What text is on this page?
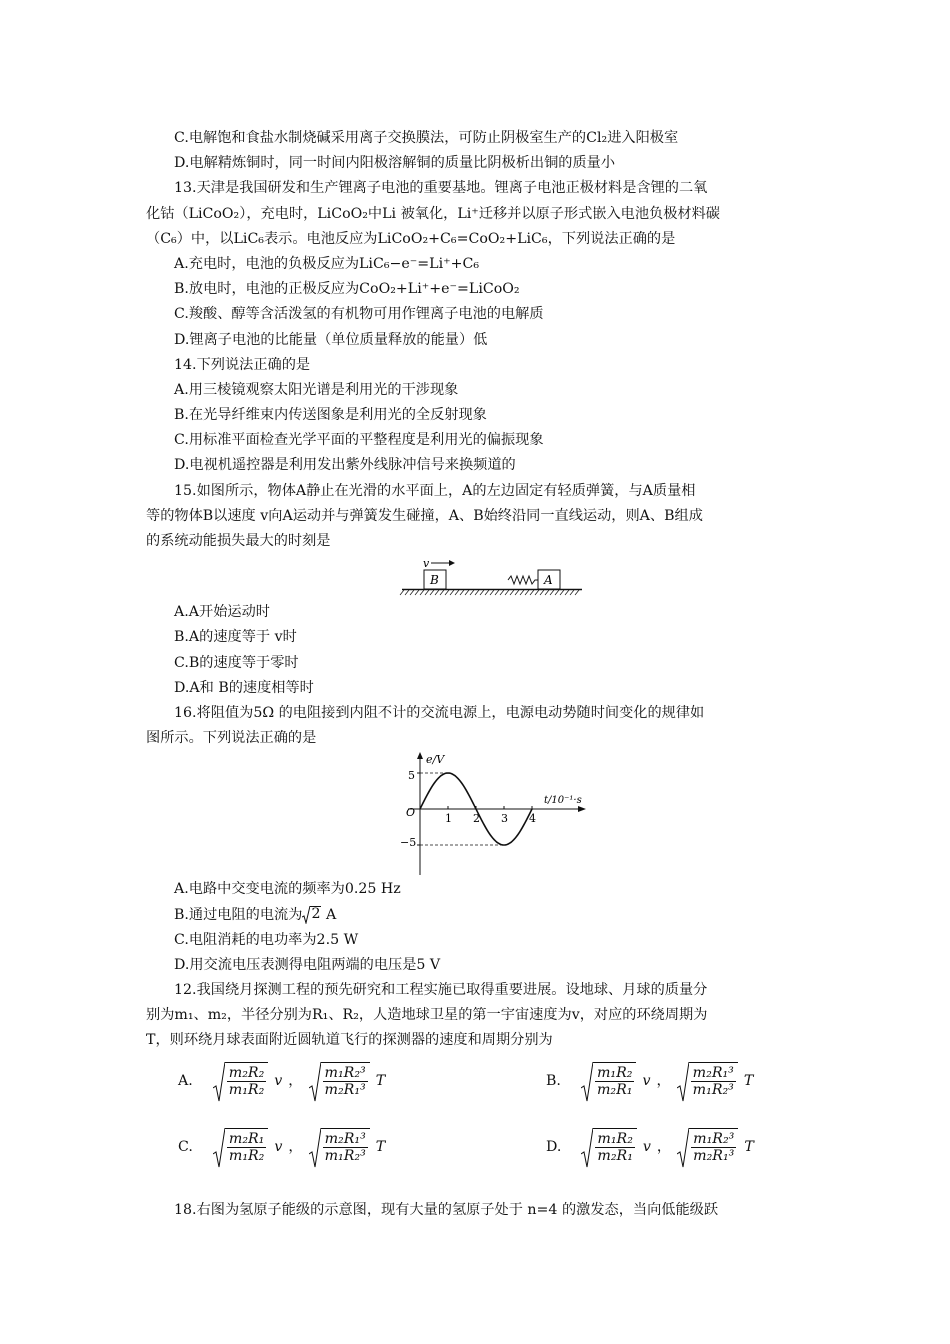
C.电解饱和食盐水制烧碱采用离子交换膜法，可防止阴极室生产的Cl₂进入阳极室
D.电解精炼铜时，同一时间内阳极溶解铜的质量比阴极析出铜的质量小
13.天津是我国研发和生产锂离子电池的重要基地。锂离子电池正极材料是含锂的二氧
化钴（LiCoO₂），充电时，LiCoO₂中Li 被氧化，Li⁺迁移并以原子形式嵌入电池负极材料碳
（C₆）中，以LiC₆表示。电池反应为LiCoO₂+C₆=CoO₂+LiC₆，下列说法正确的是
A.充电时，电池的负极反应为LiC₆−e⁻=Li⁺+C₆
B.放电时，电池的正极反应为CoO₂+Li⁺+e⁻=LiCoO₂
C.羧酸、醇等含活泼氢的有机物可用作锂离子电池的电解质
D.锂离子电池的比能量（单位质量释放的能量）低
14.下列说法正确的是
A.用三棱镜观察太阳光谱是利用光的干涉现象
B.在光导纤维束内传送图象是利用光的全反射现象
C.用标准平面检查光学平面的平整程度是利用光的偏振现象
D.电视机遥控器是利用发出紫外线脉冲信号来换频道的
15.如图所示，物体A静止在光滑的水平面上，A的左边固定有轻质弹簧，与A质量相
等的物体B以速度 v向A运动并与弹簧发生碰撞，A、B始终沿同一直线运动，则A、B组成
的系统动能损失最大的时刻是
v
B	A
A.A开始运动时
B.A的速度等于 v时
C.B的速度等于零时
D.A和 B的速度相等时
16.将阻值为5Ω 的电阻接到内阻不计的交流电源上，电源电动势随时间变化的规律如
图所示。下列说法正确的是
e/V
t/10⁻¹·s
O
5
−5
1 2 3 4
A.电路中交变电流的频率为0.25 Hz
B.通过电阻的电流为 2 A
C.电阻消耗的电功率为2.5 W
D.用交流电压表测得电阻两端的电压是5 V
12.我国绕月探测工程的预先研究和工程实施已取得重要进展。设地球、月球的质量分
别为m₁、m₂，半径分别为R₁、R₂，人造地球卫星的第一宇宙速度为v，对应的环绕周期为
T，则环绕月球表面附近圆轨道飞行的探测器的速度和周期分别为
A. $\frac{\text{m₂R₂}}{\text{m₁R₂}}$ v ， $\frac{\text{m₁R₂³}}{\text{m₂R₁³}}$ T	B. $\frac{\text{m₁R₂}}{\text{m₂R₁}}$ v ， $\frac{\text{m₂R₁³}}{\text{m₁R₂³}}$ T
C. $\frac{\text{m₂R₁}}{\text{m₁R₂}}$ v ， $\frac{\text{m₂R₁³}}{\text{m₁R₂³}}$ T	D. $\frac{\text{m₁R₂}}{\text{m₂R₁}}$ v ， $\frac{\text{m₁R₂³}}{\text{m₂R₁³}}$ T
18.右图为氢原子能级的示意图，现有大量的氢原子处于 n=4 的激发态，当向低能级跃
